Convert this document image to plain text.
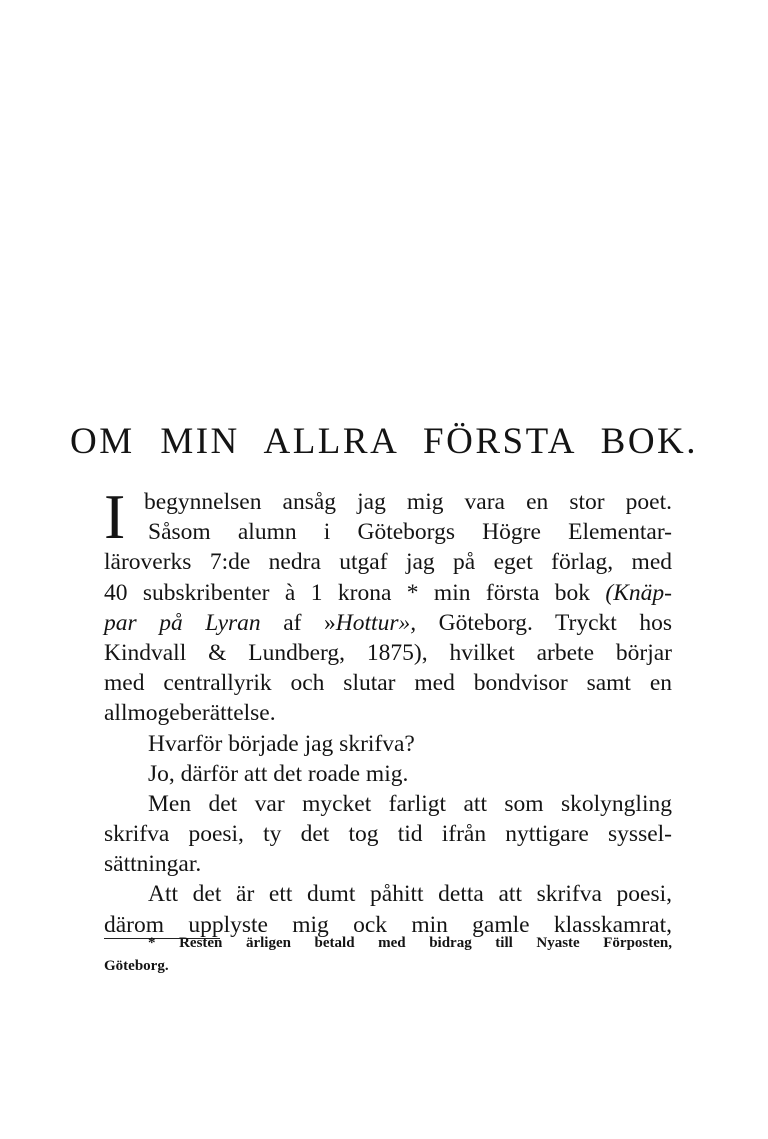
OM MIN ALLRA FÖRSTA BOK.
I begynnelsen ansåg jag mig vara en stor poet.
Såsom alumn i Göteborgs Högre Elementar-
läroverks 7:de nedra utgaf jag på eget förlag, med
40 subskribenter à 1 krona * min första bok (Knäp-
par på Lyran af »Hottur», Göteborg. Tryckt hos
Kindvall & Lundberg, 1875), hvilket arbete börjar
med centrallyrik och slutar med bondvisor samt en
allmogeberättelse.
Hvarför började jag skrifva?
Jo, därför att det roade mig.
Men det var mycket farligt att som skolyngling
skrifva poesi, ty det tog tid ifrån nyttigare syssel-
sättningar.
Att det är ett dumt påhitt detta att skrifva poesi,
därom upplyste mig ock min gamle klasskamrat,
* Resten ärligen betald med bidrag till Nyaste Förposten,
Göteborg.
